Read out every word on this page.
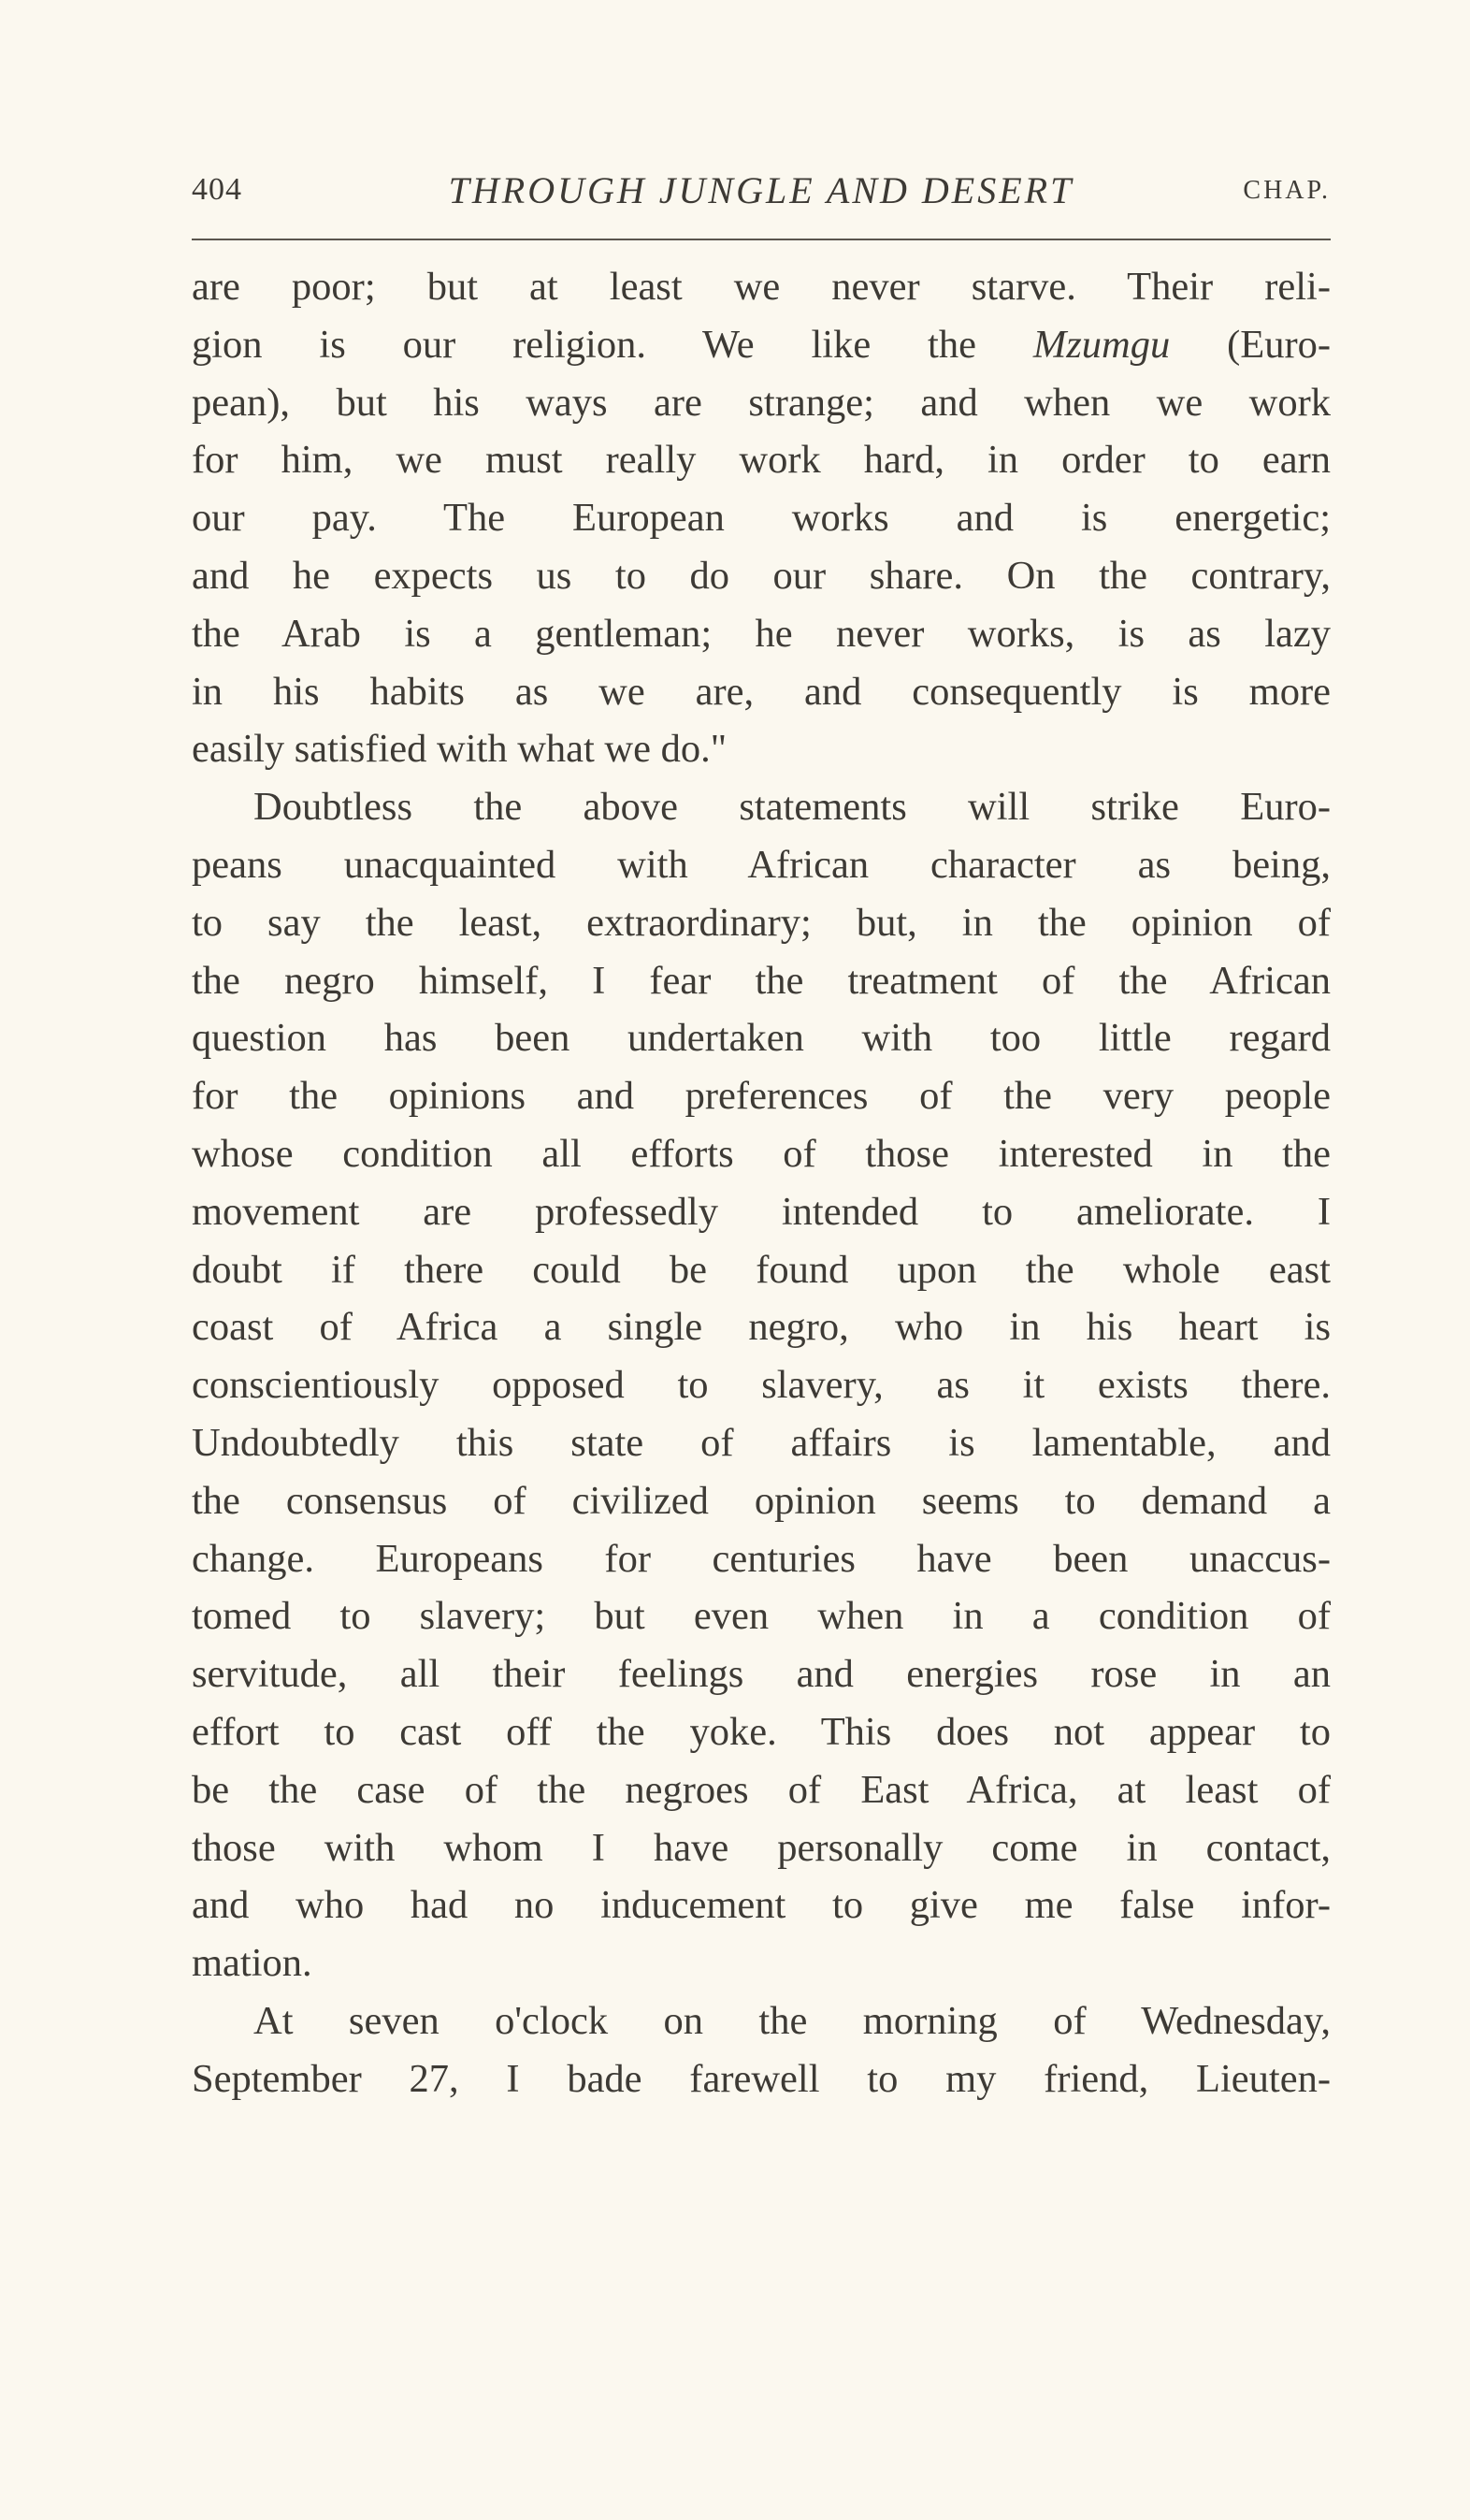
404	THROUGH JUNGLE AND DESERT	CHAP.
are poor; but at least we never starve. Their reli-
gion is our religion. We like the Mzumgu (Euro-
pean), but his ways are strange; and when we work
for him, we must really work hard, in order to earn
our pay. The European works and is energetic;
and he expects us to do our share. On the contrary,
the Arab is a gentleman; he never works, is as lazy
in his habits as we are, and consequently is more
easily satisfied with what we do."
Doubtless the above statements will strike Euro-
peans unacquainted with African character as being,
to say the least, extraordinary; but, in the opinion of
the negro himself, I fear the treatment of the African
question has been undertaken with too little regard
for the opinions and preferences of the very people
whose condition all efforts of those interested in the
movement are professedly intended to ameliorate. I
doubt if there could be found upon the whole east
coast of Africa a single negro, who in his heart is
conscientiously opposed to slavery, as it exists there.
Undoubtedly this state of affairs is lamentable, and
the consensus of civilized opinion seems to demand a
change. Europeans for centuries have been unaccus-
tomed to slavery; but even when in a condition of
servitude, all their feelings and energies rose in an
effort to cast off the yoke. This does not appear to
be the case of the negroes of East Africa, at least of
those with whom I have personally come in contact,
and who had no inducement to give me false infor-
mation.
At seven o'clock on the morning of Wednesday,
September 27, I bade farewell to my friend, Lieuten-
